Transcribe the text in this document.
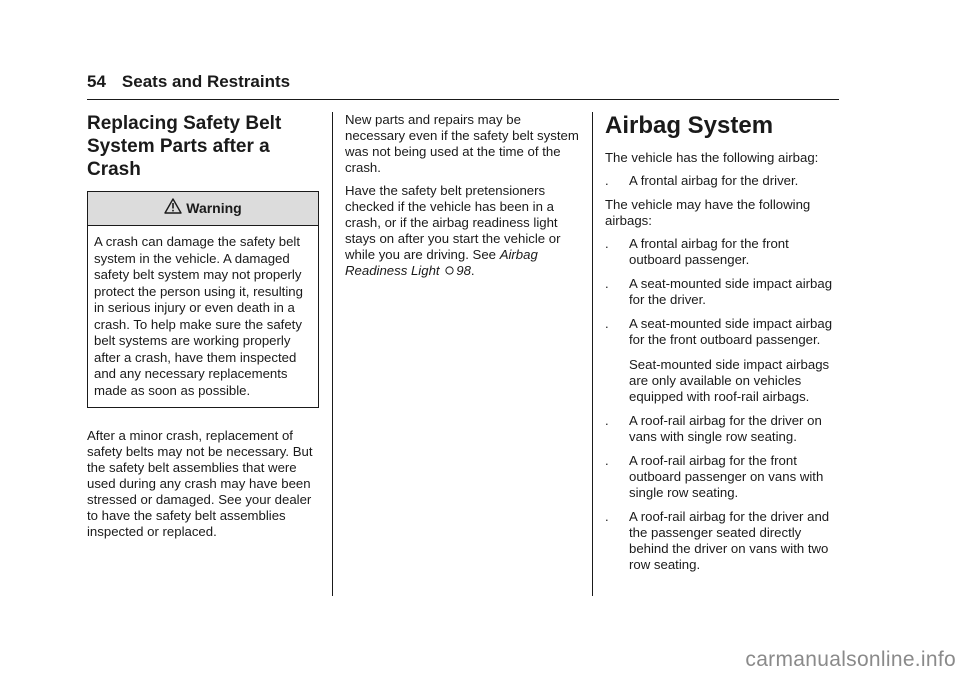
54 Seats and Restraints
Replacing Safety Belt System Parts after a Crash
Warning

A crash can damage the safety belt system in the vehicle. A damaged safety belt system may not properly protect the person using it, resulting in serious injury or even death in a crash. To help make sure the safety belt systems are working properly after a crash, have them inspected and any necessary replacements made as soon as possible.

After a minor crash, replacement of safety belts may not be necessary. But the safety belt assemblies that were used during any crash may have been stressed or damaged. See your dealer to have the safety belt assemblies inspected or replaced.

New parts and repairs may be necessary even if the safety belt system was not being used at the time of the crash.

Have the safety belt pretensioners checked if the vehicle has been in a crash, or if the airbag readiness light stays on after you start the vehicle or while you are driving. See Airbag Readiness Light 98.

Airbag System

The vehicle has the following airbag:

.	A frontal airbag for the driver.

The vehicle may have the following airbags:

.	A frontal airbag for the front outboard passenger.
.	A seat-mounted side impact airbag for the driver.
.	A seat-mounted side impact airbag for the front outboard passenger.
Seat-mounted side impact airbags are only available on vehicles equipped with roof-rail airbags.
.	A roof-rail airbag for the driver on vans with single row seating.
.	A roof-rail airbag for the front outboard passenger on vans with single row seating.
.	A roof-rail airbag for the driver and the passenger seated directly behind the driver on vans with two row seating.
carmanualsonline.info
